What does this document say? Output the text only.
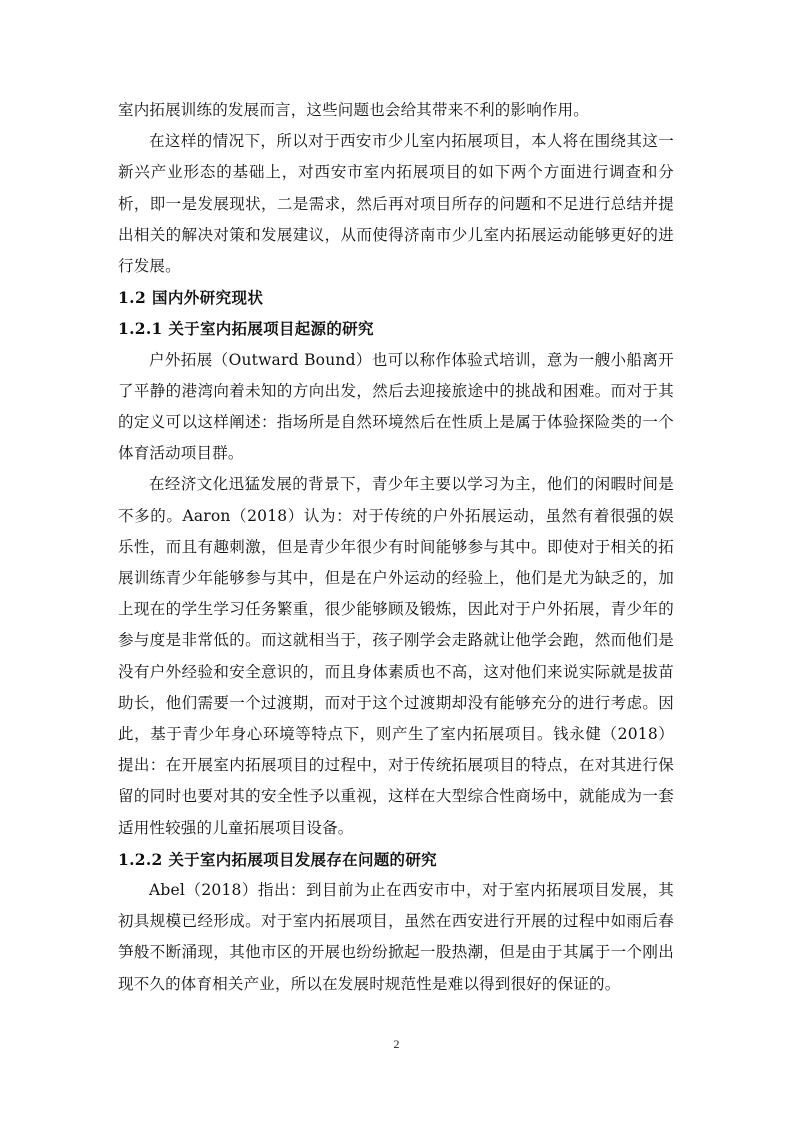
室内拓展训练的发展而言，这些问题也会给其带来不利的影响作用。

在这样的情况下，所以对于西安市少儿室内拓展项目，本人将在围绕其这一新兴产业形态的基础上，对西安市室内拓展项目的如下两个方面进行调查和分析，即一是发展现状，二是需求，然后再对项目所存的问题和不足进行总结并提出相关的解决对策和发展建议，从而使得济南市少儿室内拓展运动能够更好的进行发展。

1.2 国内外研究现状

1.2.1 关于室内拓展项目起源的研究

户外拓展（Outward Bound）也可以称作体验式培训，意为一艘小船离开了平静的港湾向着未知的方向出发，然后去迎接旅途中的挑战和困难。而对于其的定义可以这样阐述：指场所是自然环境然后在性质上是属于体验探险类的一个体育活动项目群。

在经济文化迅猛发展的背景下，青少年主要以学习为主，他们的闲暇时间是不多的。Aaron（2018）认为：对于传统的户外拓展运动，虽然有着很强的娱乐性，而且有趣刺激，但是青少年很少有时间能够参与其中。即使对于相关的拓展训练青少年能够参与其中，但是在户外运动的经验上，他们是尤为缺乏的，加上现在的学生学习任务繁重，很少能够顾及锻炼，因此对于户外拓展，青少年的参与度是非常低的。而这就相当于，孩子刚学会走路就让他学会跑，然而他们是没有户外经验和安全意识的，而且身体素质也不高，这对他们来说实际就是拔苗助长，他们需要一个过渡期，而对于这个过渡期却没有能够充分的进行考虑。因此，基于青少年身心环境等特点下，则产生了室内拓展项目。钱永健（2018）提出：在开展室内拓展项目的过程中，对于传统拓展项目的特点，在对其进行保留的同时也要对其的安全性予以重视，这样在大型综合性商场中，就能成为一套适用性较强的儿童拓展项目设备。

1.2.2 关于室内拓展项目发展存在问题的研究

Abel（2018）指出：到目前为止在西安市中，对于室内拓展项目发展，其初具规模已经形成。对于室内拓展项目，虽然在西安进行开展的过程中如雨后春笋般不断涌现，其他市区的开展也纷纷掀起一股热潮，但是由于其属于一个刚出现不久的体育相关产业，所以在发展时规范性是难以得到很好的保证的。

2
